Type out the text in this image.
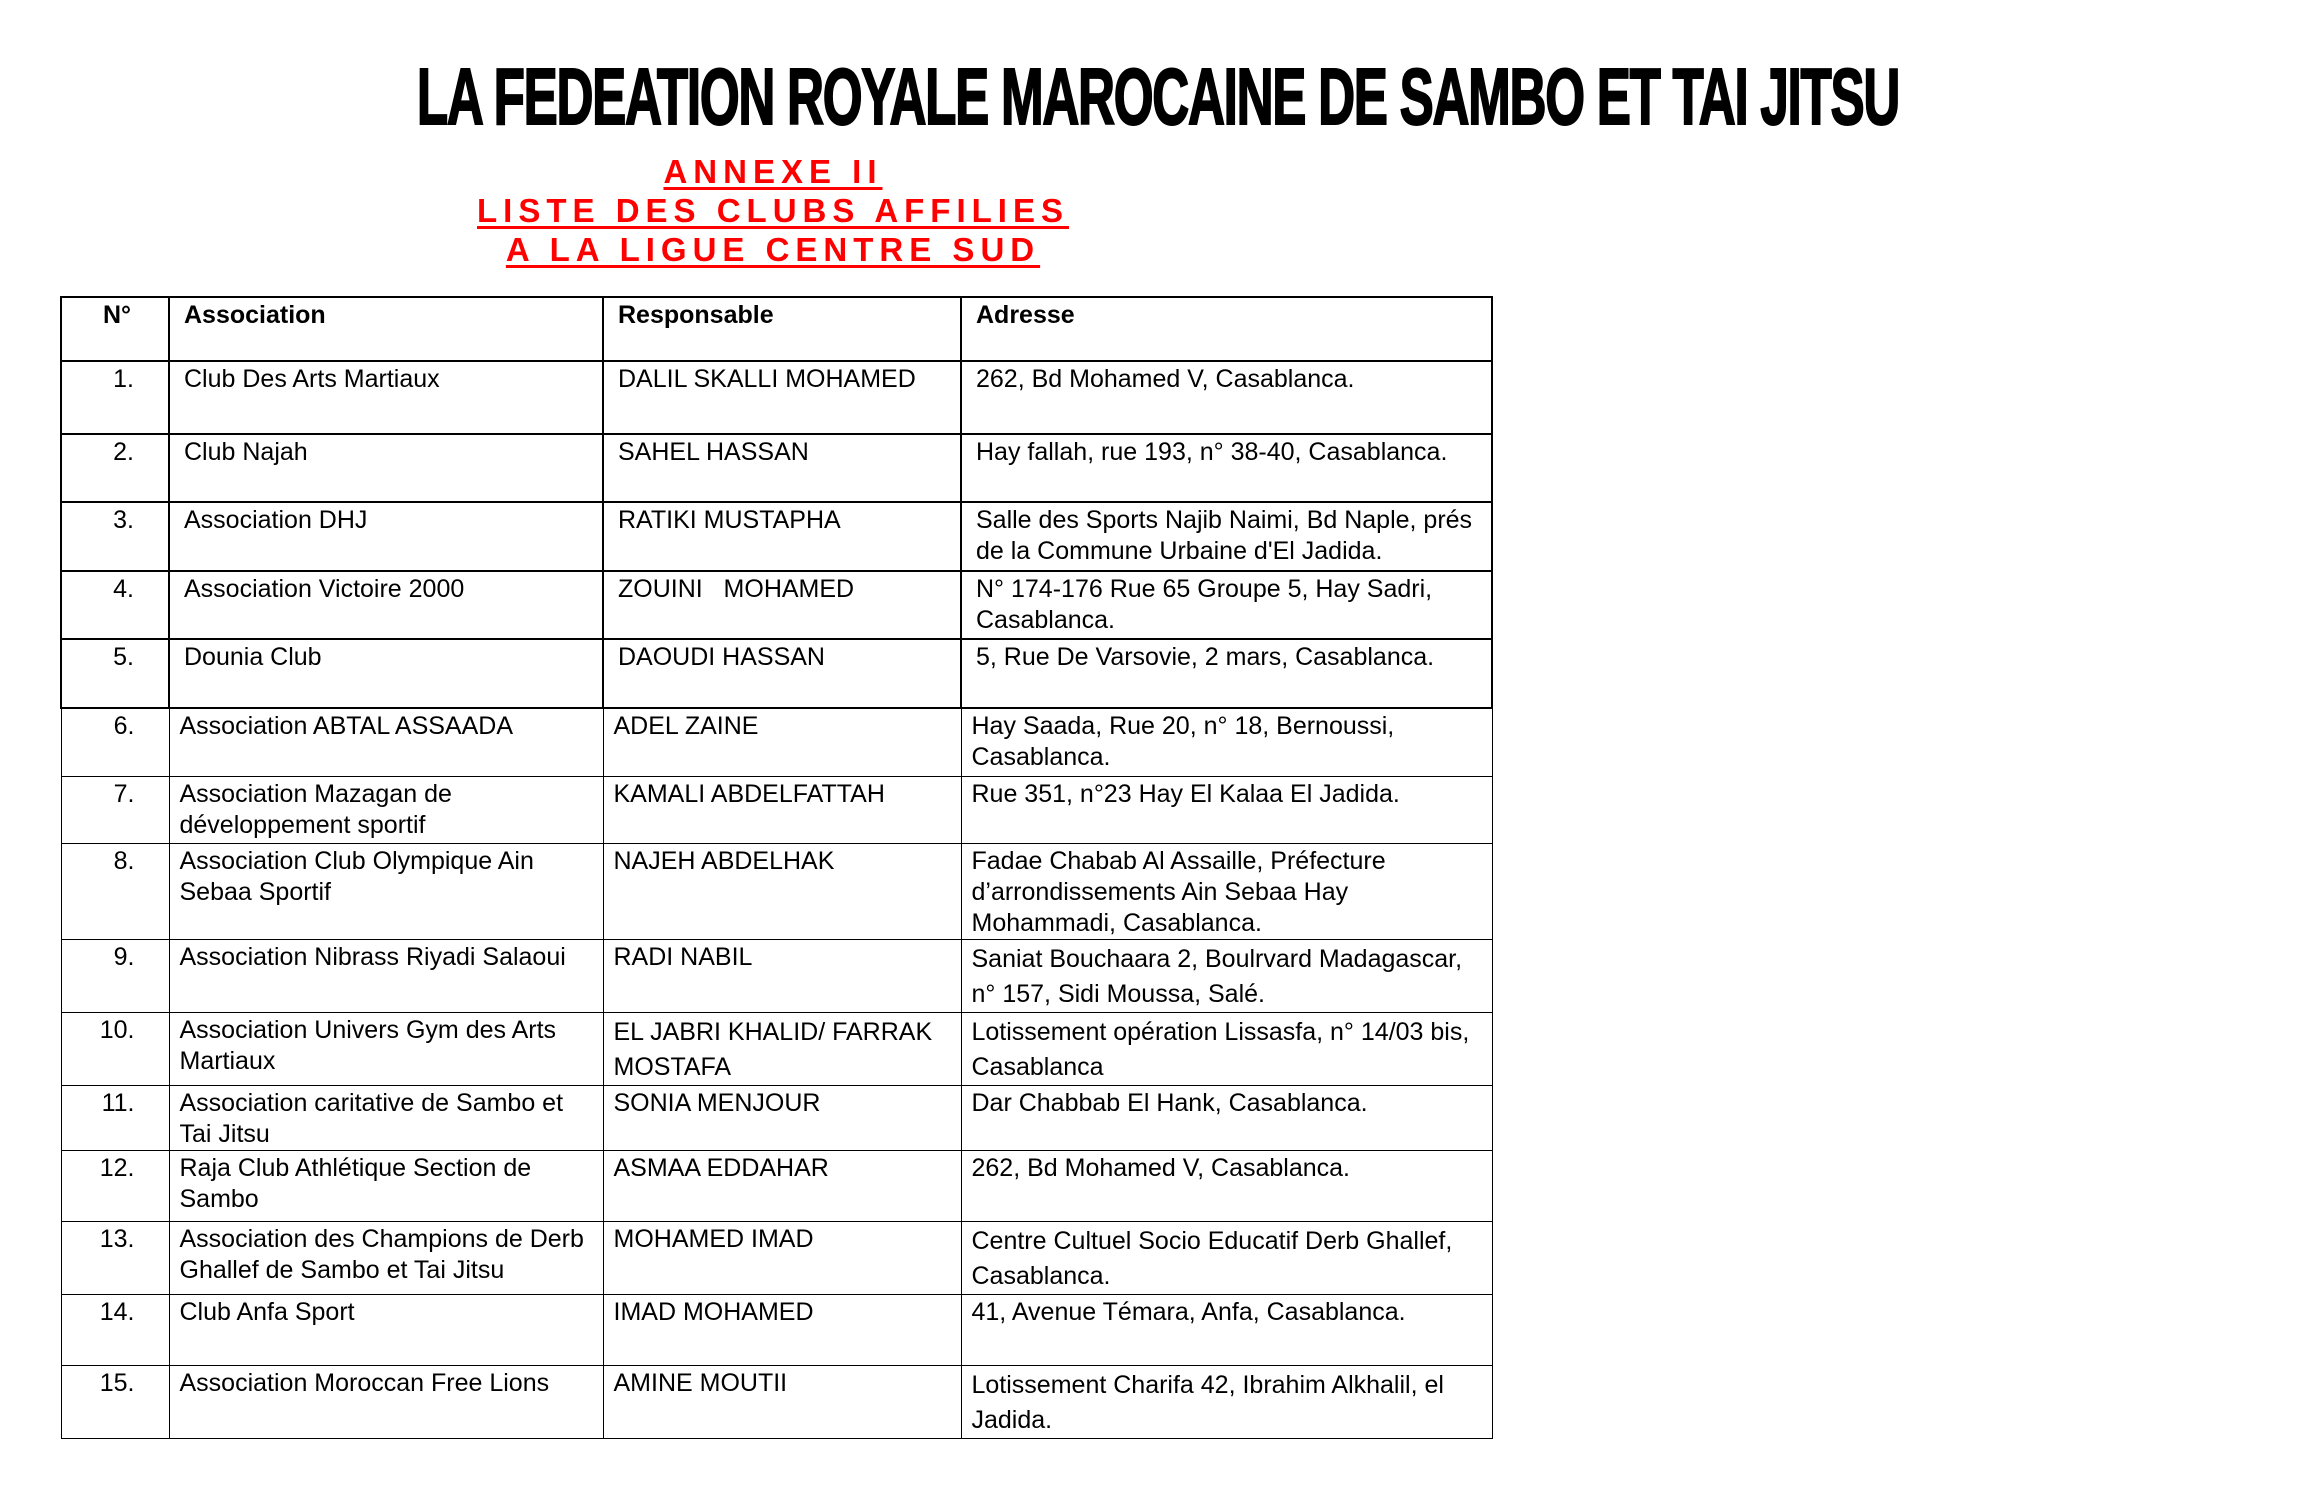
LA FEDEATION ROYALE MAROCAINE DE SAMBO ET TAI JITSU
ANNEXE II
LISTE DES CLUBS AFFILIES
A LA LIGUE CENTRE SUD
N°	Association	Responsable	Adresse
1.	Club Des Arts Martiaux	DALIL SKALLI MOHAMED	262, Bd Mohamed V, Casablanca.
2.	Club Najah	SAHEL HASSAN	Hay fallah, rue 193, n° 38-40, Casablanca.
3.	Association DHJ	RATIKI MUSTAPHA	Salle des Sports Najib Naimi, Bd Naple, prés de la Commune Urbaine d'El Jadida.
4.	Association Victoire 2000	ZOUINI   MOHAMED	N° 174-176 Rue 65 Groupe 5, Hay Sadri, Casablanca.
5.	Dounia Club	DAOUDI HASSAN	5, Rue De Varsovie, 2 mars, Casablanca.
6.	Association ABTAL ASSAADA	ADEL ZAINE	Hay Saada, Rue 20, n° 18, Bernoussi, Casablanca.
7.	Association Mazagan de développement sportif	KAMALI ABDELFATTAH	Rue 351, n°23 Hay El Kalaa El Jadida.
8.	Association Club Olympique Ain Sebaa Sportif	NAJEH ABDELHAK	Fadae Chabab Al Assaille, Préfecture d’arrondissements Ain Sebaa Hay Mohammadi, Casablanca.
9.	Association Nibrass Riyadi Salaoui	RADI NABIL	Saniat Bouchaara 2, Boulrvard Madagascar, n° 157, Sidi Moussa, Salé.
10.	Association Univers Gym des Arts Martiaux	EL JABRI KHALID/ FARRAK MOSTAFA	Lotissement opération Lissasfa, n° 14/03 bis, Casablanca
11.	Association caritative de Sambo et Tai Jitsu	SONIA MENJOUR	Dar Chabbab El Hank, Casablanca.
12.	Raja Club Athlétique Section de Sambo	ASMAA EDDAHAR	262, Bd Mohamed V, Casablanca.
13.	Association des Champions de Derb Ghallef de Sambo et Tai Jitsu	MOHAMED IMAD	Centre Cultuel Socio Educatif Derb Ghallef, Casablanca.
14.	Club Anfa Sport	IMAD MOHAMED	41, Avenue Témara, Anfa, Casablanca.
15.	Association Moroccan Free Lions	AMINE MOUTII	Lotissement Charifa 42, Ibrahim Alkhalil, el Jadida.
